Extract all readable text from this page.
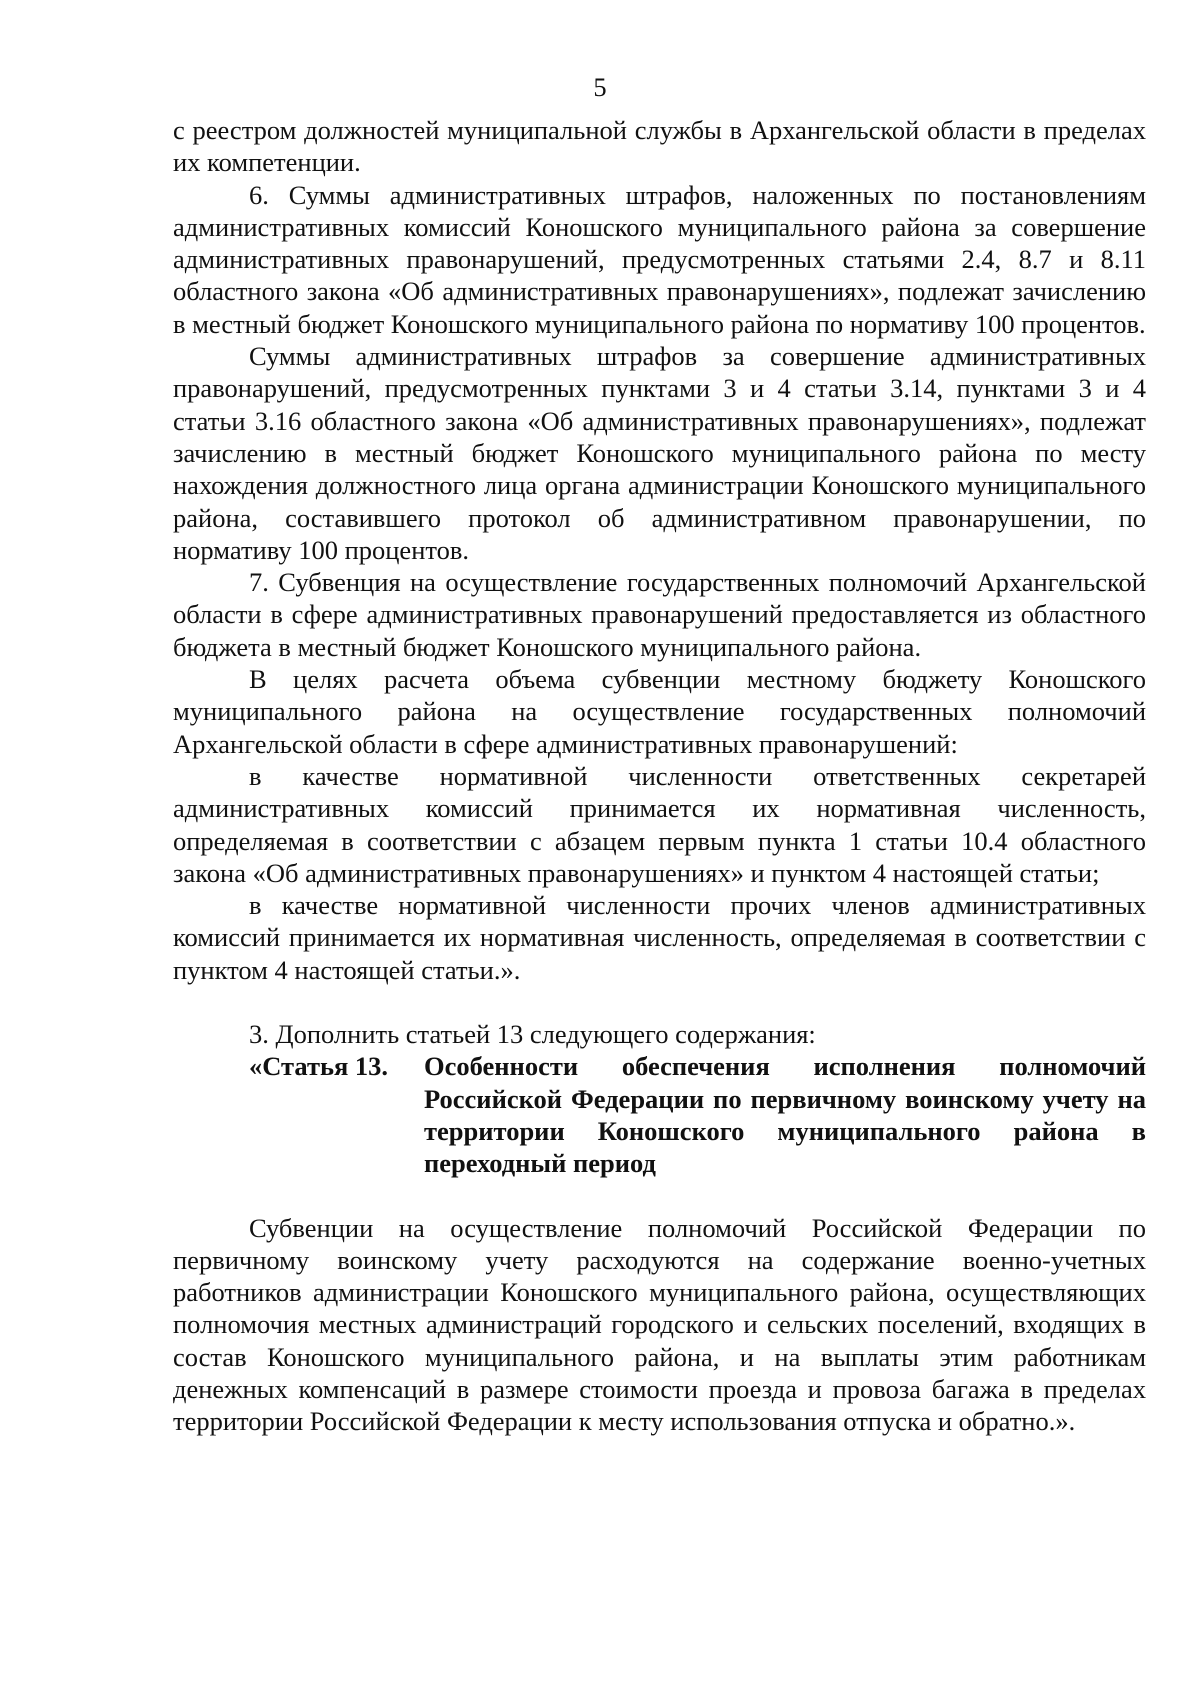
5

с реестром должностей муниципальной службы в Архангельской области в пределах их компетенции.

6. Суммы административных штрафов, наложенных по постановлениям административных комиссий Коношского муниципального района за совершение административных правонарушений, предусмотренных статьями 2.4, 8.7 и 8.11 областного закона «Об административных правонарушениях», подлежат зачислению в местный бюджет Коношского муниципального района по нормативу 100 процентов.

Суммы административных штрафов за совершение административных правонарушений, предусмотренных пунктами 3 и 4 статьи 3.14, пунктами 3 и 4 статьи 3.16 областного закона «Об административных правонарушениях», подлежат зачислению в местный бюджет Коношского муниципального района по месту нахождения должностного лица органа администрации Коношского муниципального района, составившего протокол об административном правонарушении, по нормативу 100 процентов.

7. Субвенция на осуществление государственных полномочий Архангельской области в сфере административных правонарушений предоставляется из областного бюджета в местный бюджет Коношского муниципального района.

В целях расчета объема субвенции местному бюджету Коношского муниципального района на осуществление государственных полномочий Архангельской области в сфере административных правонарушений:

в качестве нормативной численности ответственных секретарей административных комиссий принимается их нормативная численность, определяемая в соответствии с абзацем первым пункта 1 статьи 10.4 областного закона «Об административных правонарушениях» и пунктом 4 настоящей статьи;

в качестве нормативной численности прочих членов административных комиссий принимается их нормативная численность, определяемая в соответствии с пунктом 4 настоящей статьи.».

3. Дополнить статьей 13 следующего содержания:

«Статья 13. Особенности обеспечения исполнения полномочий Российской Федерации по первичному воинскому учету на территории Коношского муниципального района в переходный период

Субвенции на осуществление полномочий Российской Федерации по первичному воинскому учету расходуются на содержание военно-учетных работников администрации Коношского муниципального района, осуществляющих полномочия местных администраций городского и сельских поселений, входящих в состав Коношского муниципального района, и на выплаты этим работникам денежных компенсаций в размере стоимости проезда и провоза багажа в пределах территории Российской Федерации к месту использования отпуска и обратно.».
